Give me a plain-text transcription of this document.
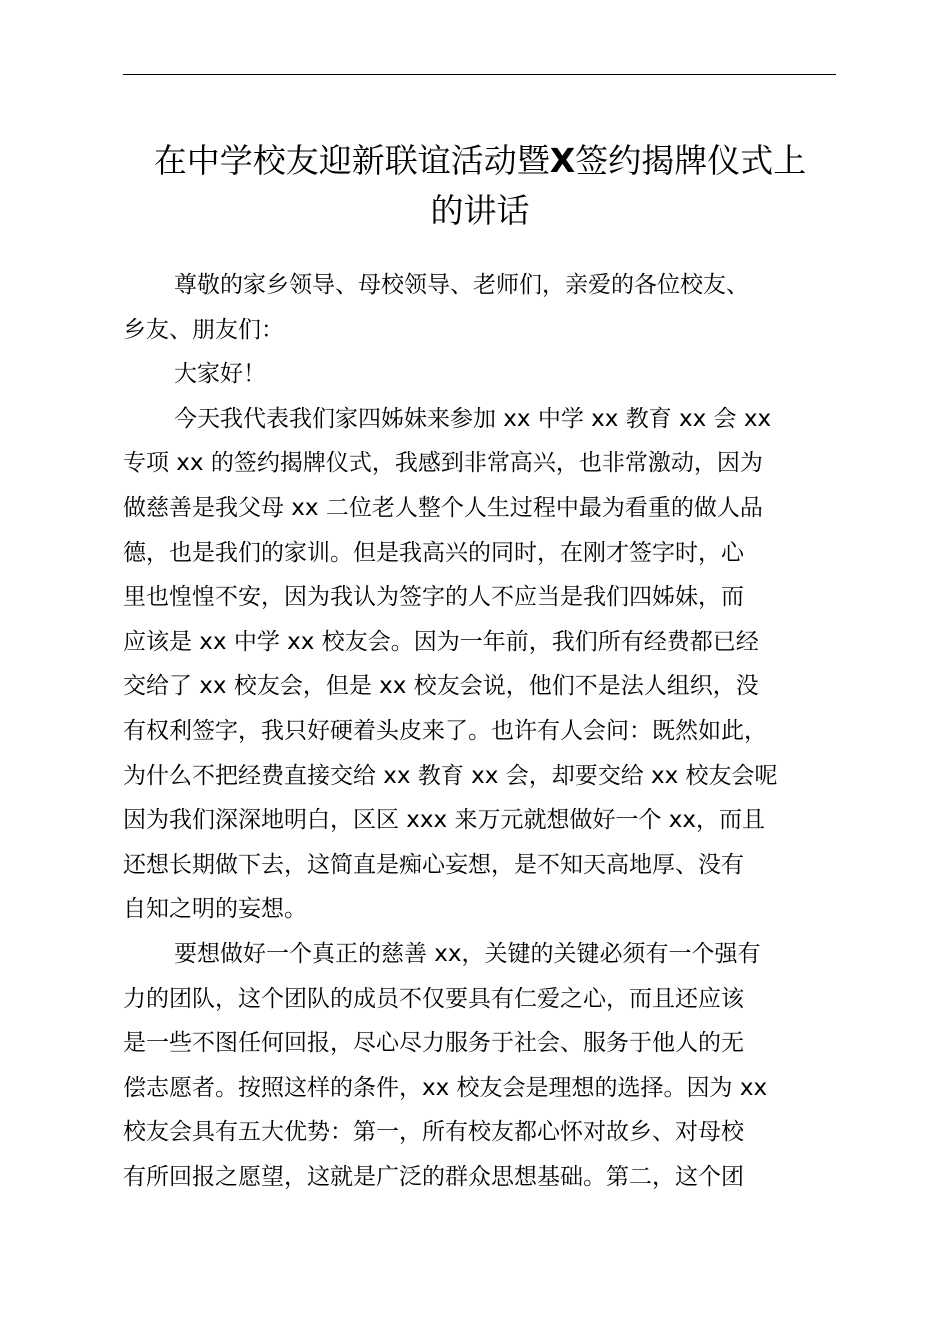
在中学校友迎新联谊活动暨X签约揭牌仪式上
的讲话
尊敬的家乡领导、母校领导、老师们，亲爱的各位校友、
乡友、朋友们：
大家好！
今天我代表我们家四姊妹来参加 xx 中学 xx 教育 xx 会 xx
专项 xx 的签约揭牌仪式，我感到非常高兴，也非常激动，因为
做慈善是我父母 xx 二位老人整个人生过程中最为看重的做人品
德，也是我们的家训。但是我高兴的同时，在刚才签字时，心
里也惶惶不安，因为我认为签字的人不应当是我们四姊妹，而
应该是 xx 中学 xx 校友会。因为一年前，我们所有经费都已经
交给了 xx 校友会，但是 xx 校友会说，他们不是法人组织，没
有权利签字，我只好硬着头皮来了。也许有人会问：既然如此，
为什么不把经费直接交给 xx 教育 xx 会，却要交给 xx 校友会呢
因为我们深深地明白，区区 xxx 来万元就想做好一个 xx，而且
还想长期做下去，这简直是痴心妄想，是不知天高地厚、没有
自知之明的妄想。
要想做好一个真正的慈善 xx，关键的关键必须有一个强有
力的团队，这个团队的成员不仅要具有仁爱之心，而且还应该
是一些不图任何回报，尽心尽力服务于社会、服务于他人的无
偿志愿者。按照这样的条件，xx 校友会是理想的选择。因为 xx
校友会具有五大优势：第一，所有校友都心怀对故乡、对母校
有所回报之愿望，这就是广泛的群众思想基础。第二，这个团
